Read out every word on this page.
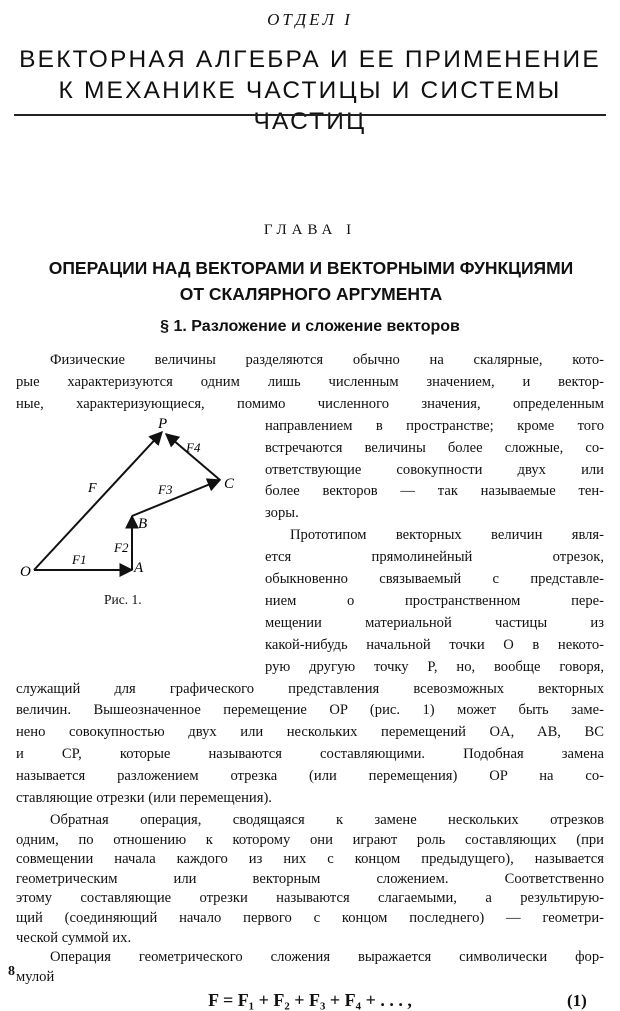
ОТДЕЛ I
ВЕКТОРНАЯ АЛГЕБРА И ЕЕ ПРИМЕНЕНИЕ
К МЕХАНИКЕ ЧАСТИЦЫ И СИСТЕМЫ ЧАСТИЦ
ГЛАВА I
ОПЕРАЦИИ НАД ВЕКТОРАМИ И ВЕКТОРНЫМИ ФУНКЦИЯМИ
ОТ СКАЛЯРНОГО АРГУМЕНТА
§ 1. Разложение и сложение векторов
O	A
B
C
P
F
F1
F2
F3
F4
Рис. 1.
F = F₁ + F₂ + F₃ + F₄ + . . . ,	(1)
8
Физические величины разделяются обычно на скалярные, кото-
рые характеризуются одним лишь численным значением, и вектор-
ные, характеризующиеся, помимо численного значения, определенным
направлением в пространстве; кроме того
встречаются величины более сложные, со-
ответствующие совокупности двух или
более векторов — так называемые тен-
зоры.
Прототипом векторных величин явля-
ется прямолинейный отрезок,
обыкновенно связываемый с представле-
нием о пространственном пере-
мещении материальной частицы из
какой-нибудь начальной точки O в некото-
рую другую точку P, но, вообще говоря,
служащий для графического представления всевозможных векторных
величин. Вышеозначенное перемещение OP (рис. 1) может быть заме-
нено совокупностью двух или нескольких перемещений OA, AB, BC
и CP, которые называются составляющими. Подобная замена
называется разложением отрезка (или перемещения) OP на со-
ставляющие отрезки (или перемещения).
Обратная операция, сводящаяся к замене нескольких отрезков
одним, по отношению к которому они играют роль составляющих (при
совмещении начала каждого из них с концом предыдущего), называется
геометрическим или векторным сложением. Соответственно
этому составляющие отрезки называются слагаемыми, а результирую-
щий (соединяющий начало первого с концом последнего) — геометри-
ческой суммой их.
Операция геометрического сложения выражается символически фор-
мулой
